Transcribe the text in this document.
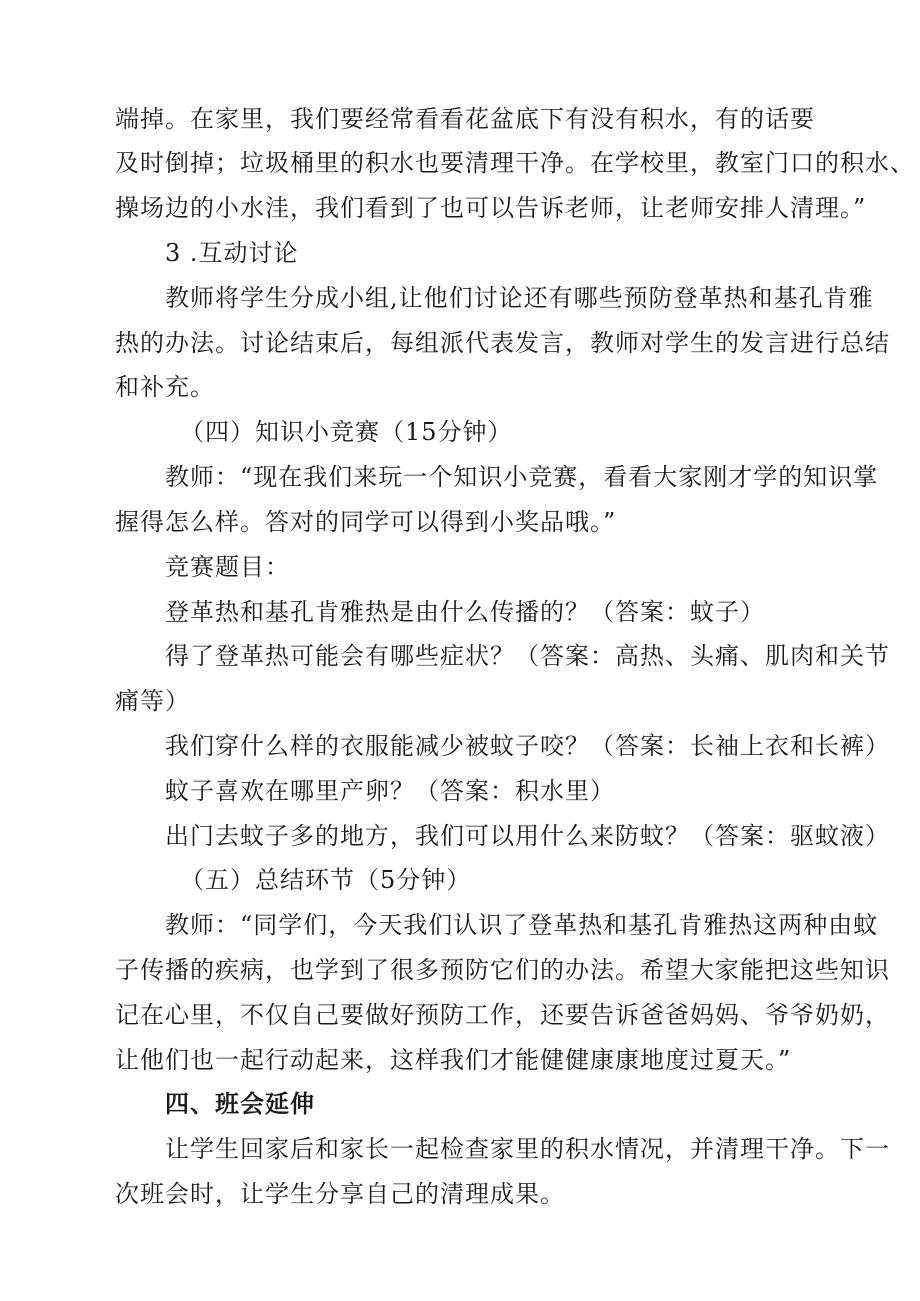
端掉。在家里，我们要经常看看花盆底下有没有积水，有的话要
及时倒掉；垃圾桶里的积水也要清理干净。在学校里，教室门口的积水、
操场边的小水洼，我们看到了也可以告诉老师，让老师安排人清理。”
3 .互动讨论
教师将学生分成小组,让他们讨论还有哪些预防登革热和基孔肯雅
热的办法。讨论结束后，每组派代表发言，教师对学生的发言进行总结
和补充。
（四）知识小竞赛（15分钟）
教师：“现在我们来玩一个知识小竞赛，看看大家刚才学的知识掌
握得怎么样。答对的同学可以得到小奖品哦。”
竞赛题目：
登革热和基孔肯雅热是由什么传播的？（答案：蚊子）
得了登革热可能会有哪些症状？（答案：高热、头痛、肌肉和关节
痛等）
我们穿什么样的衣服能减少被蚊子咬？（答案：长袖上衣和长裤）
蚊子喜欢在哪里产卵？（答案：积水里）
出门去蚊子多的地方，我们可以用什么来防蚊？（答案：驱蚊液）
（五）总结环节（5分钟）
教师：“同学们，今天我们认识了登革热和基孔肯雅热这两种由蚊
子传播的疾病，也学到了很多预防它们的办法。希望大家能把这些知识
记在心里，不仅自己要做好预防工作，还要告诉爸爸妈妈、爷爷奶奶，
让他们也一起行动起来，这样我们才能健健康康地度过夏天。”
四、班会延伸
让学生回家后和家长一起检查家里的积水情况，并清理干净。下一
次班会时，让学生分享自己的清理成果。
